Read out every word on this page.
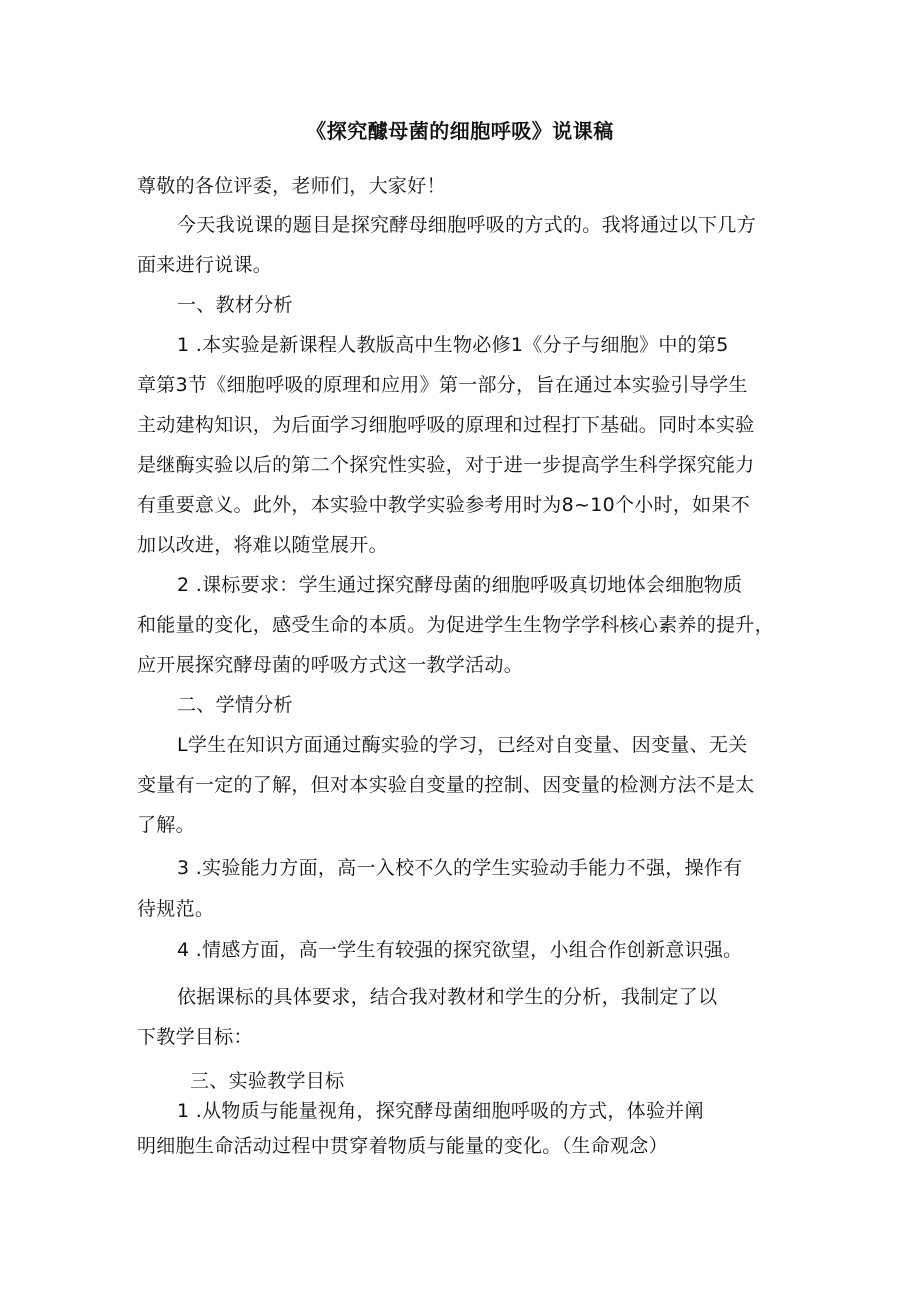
《探究醵母菌的细胞呼吸》说课稿
尊敬的各位评委，老师们，大家好！
今天我说课的题目是探究酵母细胞呼吸的方式的。我将通过以下几方
面来进行说课。
一、教材分析
1 .本实验是新课程人教版高中生物必修1《分子与细胞》中的第5
章第3节《细胞呼吸的原理和应用》第一部分，旨在通过本实验引导学生
主动建构知识，为后面学习细胞呼吸的原理和过程打下基础。同时本实验
是继酶实验以后的第二个探究性实验，对于进一步提高学生科学探究能力
有重要意义。此外，本实验中教学实验参考用时为8~10个小时，如果不
加以改进，将难以随堂展开。
2 .课标要求：学生通过探究酵母菌的细胞呼吸真切地体会细胞物质
和能量的变化，感受生命的本质。为促进学生生物学学科核心素养的提升，
应开展探究酵母菌的呼吸方式这一教学活动。
二、学情分析
L学生在知识方面通过酶实验的学习，已经对自变量、因变量、无关
变量有一定的了解，但对本实验自变量的控制、因变量的检测方法不是太
了解。
3 .实验能力方面，高一入校不久的学生实验动手能力不强，操作有
待规范。
4 .情感方面，高一学生有较强的探究欲望，小组合作创新意识强。
依据课标的具体要求，结合我对教材和学生的分析，我制定了以
下教学目标：
三、实验教学目标
1 .从物质与能量视角，探究酵母菌细胞呼吸的方式，体验并阐
明细胞生命活动过程中贯穿着物质与能量的变化。（生命观念）
